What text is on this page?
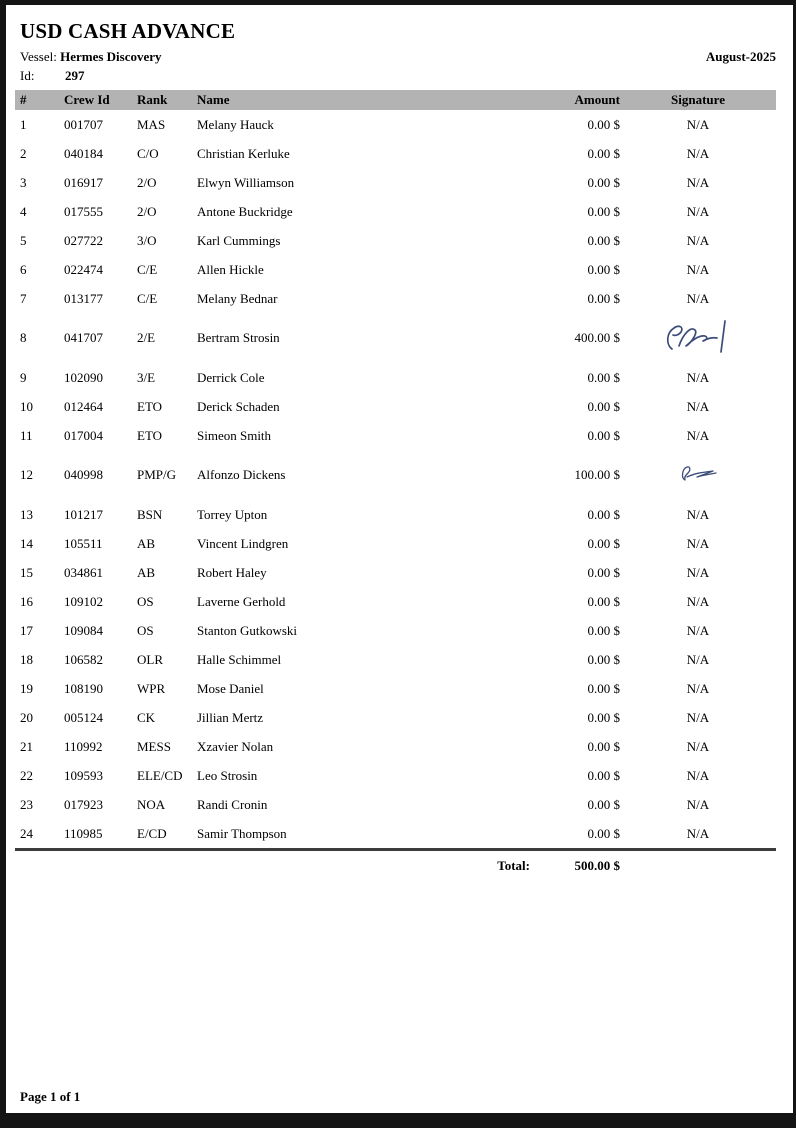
USD CASH ADVANCE
Vessel: Hermes Discovery	August-2025
Id: 297
#	Crew Id	Rank	Name	Amount	Signature
1	001707	MAS	Melany Hauck	0.00 $	N/A
2	040184	C/O	Christian Kerluke	0.00 $	N/A
3	016917	2/O	Elwyn Williamson	0.00 $	N/A
4	017555	2/O	Antone Buckridge	0.00 $	N/A
5	027722	3/O	Karl Cummings	0.00 $	N/A
6	022474	C/E	Allen Hickle	0.00 $	N/A
7	013177	C/E	Melany Bednar	0.00 $	N/A
8	041707	2/E	Bertram Strosin	400.00 $
9	102090	3/E	Derrick Cole	0.00 $	N/A
10	012464	ETO	Derick Schaden	0.00 $	N/A
11	017004	ETO	Simeon Smith	0.00 $	N/A
12	040998	PMP/G	Alfonzo Dickens	100.00 $
13	101217	BSN	Torrey Upton	0.00 $	N/A
14	105511	AB	Vincent Lindgren	0.00 $	N/A
15	034861	AB	Robert Haley	0.00 $	N/A
16	109102	OS	Laverne Gerhold	0.00 $	N/A
17	109084	OS	Stanton Gutkowski	0.00 $	N/A
18	106582	OLR	Halle Schimmel	0.00 $	N/A
19	108190	WPR	Mose Daniel	0.00 $	N/A
20	005124	CK	Jillian Mertz	0.00 $	N/A
21	110992	MESS	Xzavier Nolan	0.00 $	N/A
22	109593	ELE/CD	Leo Strosin	0.00 $	N/A
23	017923	NOA	Randi Cronin	0.00 $	N/A
24	110985	E/CD	Samir Thompson	0.00 $	N/A
Total:	500.00 $
Page 1 of 1
